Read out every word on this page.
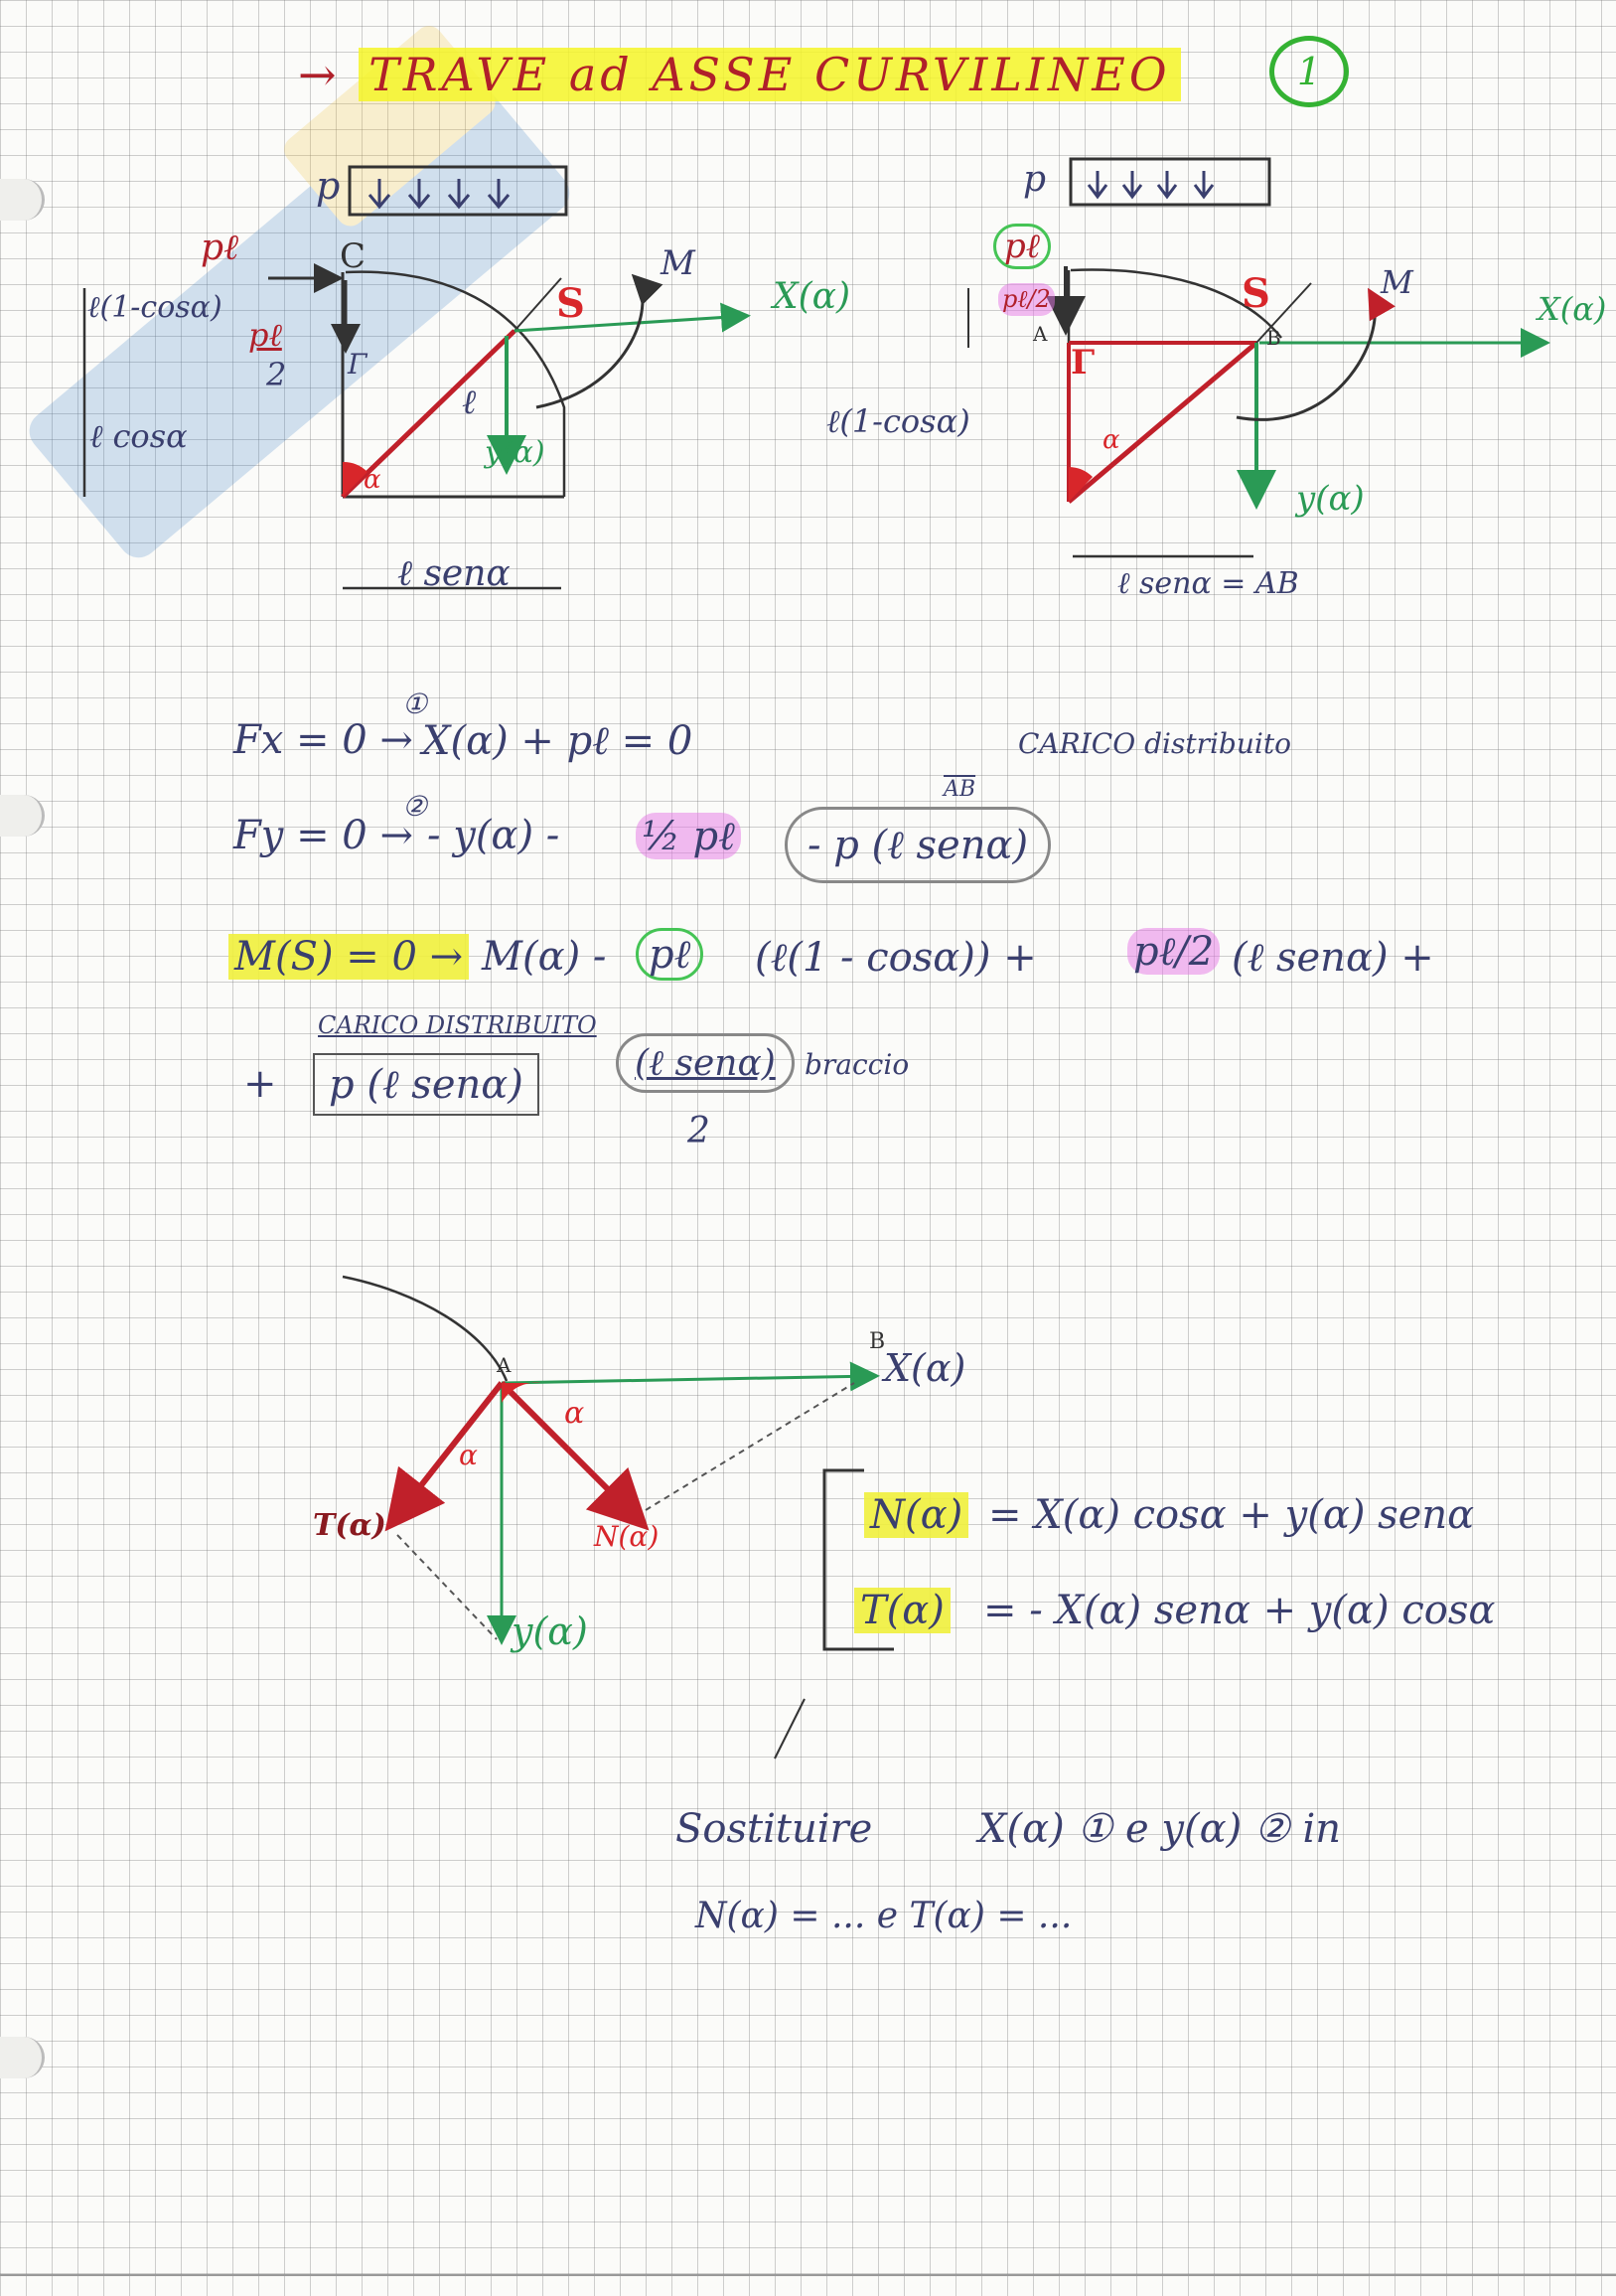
→ TRAVE ad ASSE CURVILINEO	1
p
pℓ	C
pℓ
2
ℓ(1-cosα)
ℓ cosα
ℓ
S
M
X(α)
y(α)
α
Γ
ℓ senα
p
pℓ
pℓ/2
A	B
S	M
X(α)
y(α)
α
Γ
ℓ(1-cosα)
ℓ senα = AB
①
Fx = 0 → X(α) + pℓ = 0	CARICO distribuito
$\overline{AB}$
②
Fy = 0 → - y(α) - ½ pℓ	- p (ℓ senα)
M(S) = 0 → M(α) -	pℓ	(ℓ(1 - cosα)) + pℓ/2 (ℓ senα) +
CARICO DISTRIBUITO
+	p (ℓ senα)	(ℓ senα)
2
braccio
A
B
X(α)
y(α)
T(α)	N(α)
α
α
N(α) = X(α) cosα + y(α) senα
T(α) = - X(α) senα + y(α) cosα
Sostituire	X(α) ① e y(α) ② in
N(α) = ... e T(α) = ...
